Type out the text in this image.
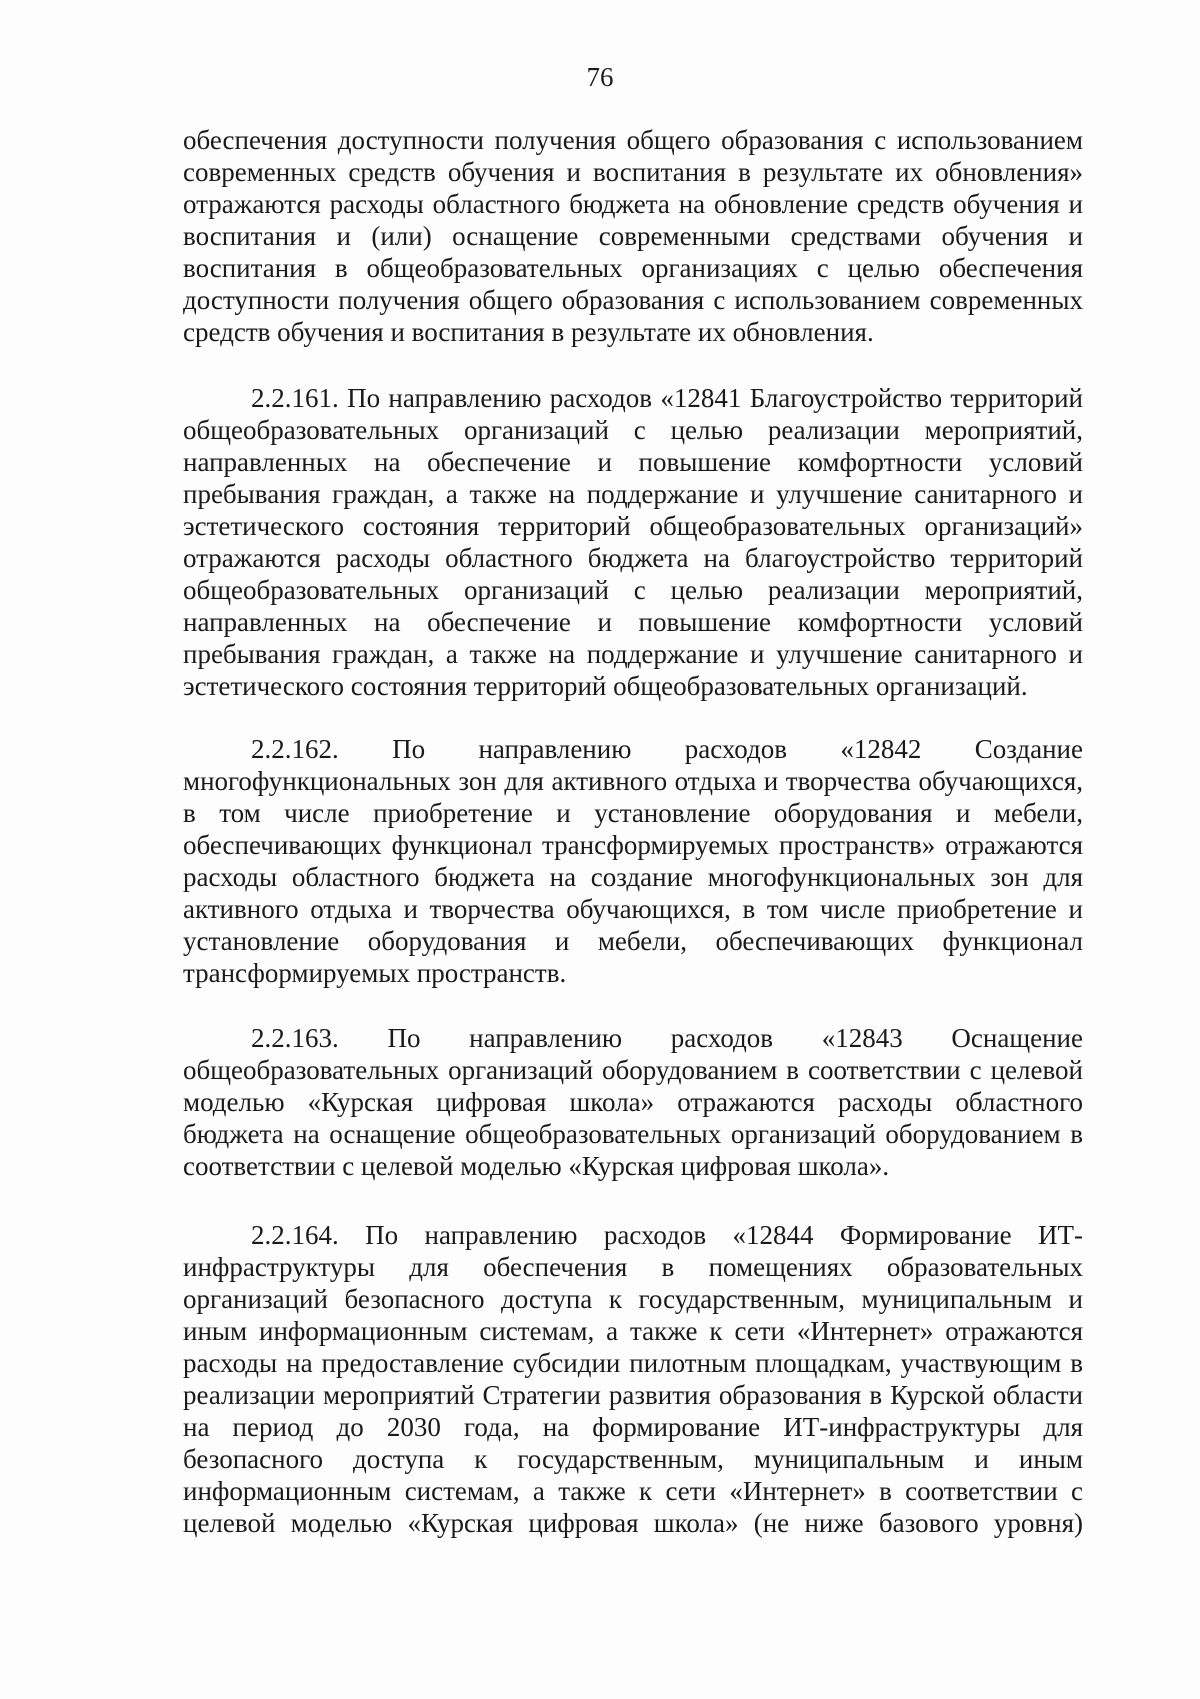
76

обеспечения доступности получения общего образования с использованием современных средств обучения и воспитания в результате их обновления» отражаются расходы областного бюджета на обновление средств обучения и воспитания и (или) оснащение современными средствами обучения и воспитания в общеобразовательных организациях с целью обеспечения доступности получения общего образования с использованием современных средств обучения и воспитания в результате их обновления.

2.2.161. По направлению расходов «12841 Благоустройство территорий общеобразовательных организаций с целью реализации мероприятий, направленных на обеспечение и повышение комфортности условий пребывания граждан, а также на поддержание и улучшение санитарного и эстетического состояния территорий общеобразовательных организаций» отражаются расходы областного бюджета на благоустройство территорий общеобразовательных организаций с целью реализации мероприятий, направленных на обеспечение и повышение комфортности условий пребывания граждан, а также на поддержание и улучшение санитарного и эстетического состояния территорий общеобразовательных организаций.

2.2.162. По направлению расходов «12842 Создание многофункциональных зон для активного отдыха и творчества обучающихся, в том числе приобретение и установление оборудования и мебели, обеспечивающих функционал трансформируемых пространств» отражаются расходы областного бюджета на создание многофункциональных зон для активного отдыха и творчества обучающихся, в том числе приобретение и установление оборудования и мебели, обеспечивающих функционал трансформируемых пространств.

2.2.163. По направлению расходов «12843 Оснащение общеобразовательных организаций оборудованием в соответствии с целевой моделью «Курская цифровая школа» отражаются расходы областного бюджета на оснащение общеобразовательных организаций оборудованием в соответствии с целевой моделью «Курская цифровая школа».

2.2.164. По направлению расходов «12844 Формирование ИТ-инфраструктуры для обеспечения в помещениях образовательных организаций безопасного доступа к государственным, муниципальным и иным информационным системам, а также к сети «Интернет» отражаются расходы на предоставление субсидии пилотным площадкам, участвующим в реализации мероприятий Стратегии развития образования в Курской области на период до 2030 года, на формирование ИТ-инфраструктуры для безопасного доступа к государственным, муниципальным и иным информационным системам, а также к сети «Интернет» в соответствии с целевой моделью «Курская цифровая школа» (не ниже базового уровня)
